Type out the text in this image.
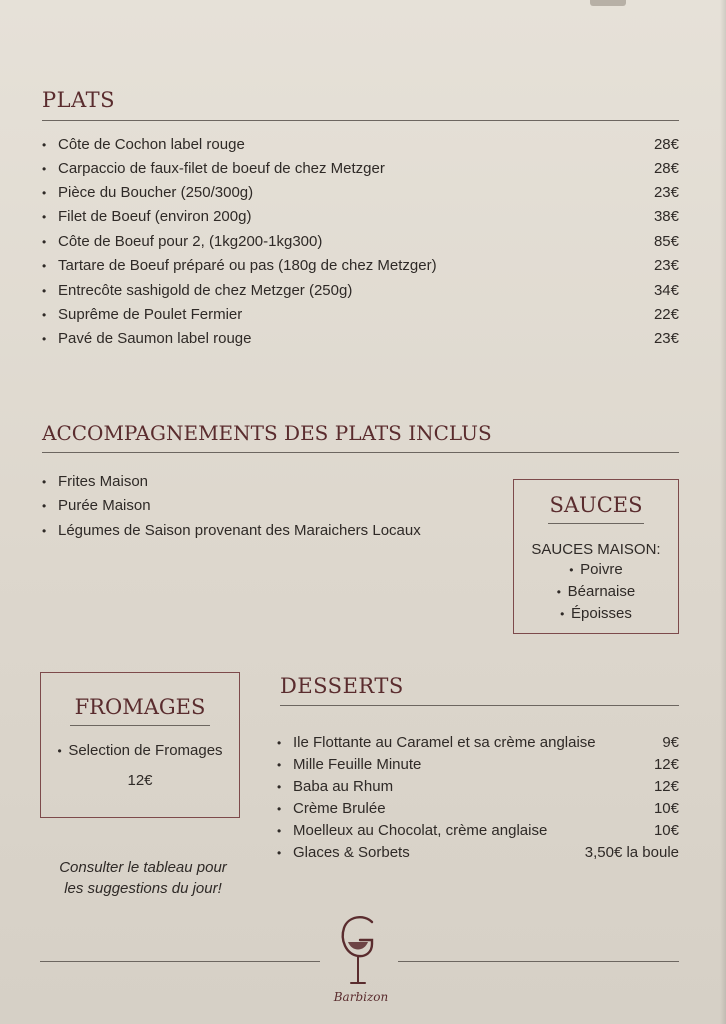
PLATS
• Côte de Cochon label rouge	28€
• Carpaccio de faux-filet de boeuf de chez Metzger	28€
• Pièce du Boucher (250/300g)	23€
• Filet de Boeuf (environ 200g)	38€
• Côte de Boeuf pour 2, (1kg200-1kg300)	85€
• Tartare de Boeuf préparé ou pas (180g de chez Metzger)	23€
• Entrecôte sashigold de chez Metzger (250g)	34€
• Suprême de Poulet Fermier	22€
• Pavé de Saumon label rouge	23€
ACCOMPAGNEMENTS DES PLATS INCLUS
• Frites Maison
• Purée Maison
• Légumes de Saison provenant des Maraichers Locaux
SAUCES
SAUCES MAISON:
•  Poivre
•  Béarnaise
•  Époisses
FROMAGES
•  Selection de Fromages
12€
DESSERTS
• Ile Flottante au Caramel et sa crème anglaise	9€
• Mille Feuille Minute	12€
• Baba au Rhum	12€
• Crème Brulée	10€
• Moelleux au Chocolat, crème anglaise	10€
• Glaces & Sorbets	3,50€ la boule
Consulter le tableau pour
les suggestions du jour!
Barbizon
